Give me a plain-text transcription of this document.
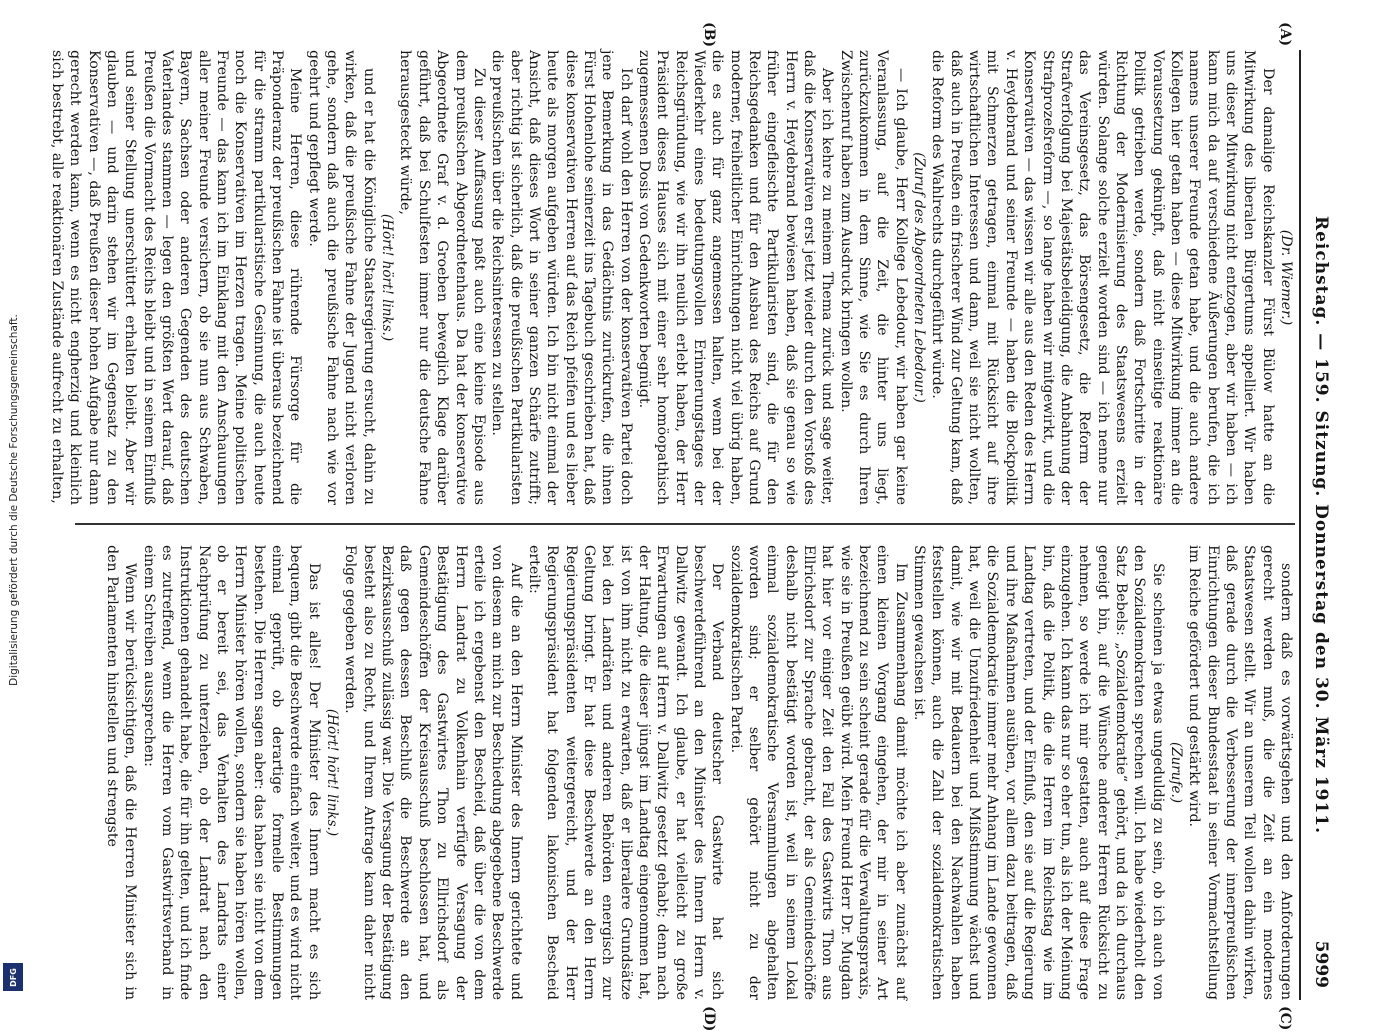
Digitalisierung gefördert durch die Deutsche Forschungsgemeinschaft.
DFG
Reichstag. — 159. Sitzung. Donnerstag den 30. März 1911.
5999
(A)
(B)
(C)
(D)

(Dr. Wiemer.)

Der damalige Reichskanzler Fürst Bülow hatte an die Mitwirkung des liberalen Bürgertums appelliert. Wir haben uns dieser Mitwirkung nicht entzogen, aber wir haben — ich kann mich da auf verschiedene Äußerungen berufen, die ich namens unserer Freunde getan habe, und die auch andere Kollegen hier getan haben — diese Mitwirkung immer an die Voraussetzung geknüpft, daß nicht einseitige reaktionäre Politik getrieben werde, sondern daß Fortschritte in der Richtung der Modernisierung des Staatswesens erzielt würden. Solange solche erzielt worden sind — ich nenne nur das Vereinsgesetz, das Börsengesetz, die Reform der Strafverfolgung bei Majestätsbeleidigung, die Anbahnung der Strafprozeßreform —, so lange haben wir mitgewirkt, und die Konservativen — das wissen wir alle aus den Reden des Herrn v. Heydebrand und seiner Freunde — haben die Blockpolitik mit Schmerzen getragen, einmal mit Rücksicht auf ihre wirtschaftlichen Interessen und dann, weil sie nicht wollten, daß auch in Preußen ein frischerer Wind zur Geltung kam, daß die Reform des Wahlrechts durchgeführt würde.

(Zuruf des Abgeordneten Lebedour.)

— Ich glaube, Herr Kollege Lebedour, wir haben gar keine Veranlassung, auf die Zeit, die hinter uns liegt, zurückzukommen in dem Sinne, wie Sie es durch Ihren Zwischenruf haben zum Ausdruck bringen wollen.

Aber ich kehre zu meinem Thema zurück und sage weiter, daß die Konservativen erst jetzt wieder durch den Vorstoß des Herrn v. Heydebrand bewiesen haben, daß sie genau so wie früher eingefleischte Partikularisten sind, die für den Reichsgedanken und für den Ausbau des Reichs auf Grund moderner, freiheitlicher Einrichtungen nicht viel übrig haben, die es auch für ganz angemessen halten, wenn bei der Wiederkehr eines bedeutungsvollen Erinnerungstages der Reichsgründung, wie wir ihn neulich erlebt haben, der Herr Präsident dieses Hauses sich mit einer sehr homöopathisch zugemessenen Dosis von Gedenkworten begnügt.

Ich darf wohl den Herren von der konservativen Partei doch jene Bemerkung in das Gedächtnis zurückrufen, die ihnen Fürst Hohenlohe seinerzeit ins Tagebuch geschrieben hat, daß diese konservativen Herren auf das Reich pfeifen und es lieber heute als morgen aufgeben würden. Ich bin nicht einmal der Ansicht, daß dieses Wort in seiner ganzen Schärfe zutrifft; aber richtig ist sicherlich, daß die preußischen Partikularisten die preußischen über die Reichsinteressen zu stellen.

Zu dieser Auffassung paßt auch eine kleine Episode aus dem preußischen Abgeordnetenhaus. Da hat der konservative Abgeordnete Graf v. d. Groeben beweglich Klage darüber geführt, daß bei Schulfesten immer nur die deutsche Fahne herausgesteckt würde,

(Hört! hört! links.)

und er hat die Königliche Staatsregierung ersucht, dahin zu wirken, daß die preußische Fahne der Jugend nicht verloren gehe, sondern daß auch die preußische Fahne nach wie vor geehrt und gepflegt werde.

Meine Herren, diese rührende Fürsorge für die Präponderanz der preußischen Fahne ist überaus bezeichnend für die stramm partikularistische Gesinnung, die auch heute noch die Konservativen im Herzen tragen. Meine politischen Freunde — das kann ich im Einklang mit den Anschauungen aller meiner Freunde versichern, ob sie nun aus Schwaben, Bayern, Sachsen oder anderen Gegenden des deutschen Vaterlandes stammen — legen den größten Wert darauf, daß Preußen die Vormacht des Reichs bleibt und in seinem Einfluß und seiner Stellung unerschüttert erhalten bleibt. Aber wir glauben — und darin stehen wir im Gegensatz zu den Konservativen —, daß Preußen dieser hohen Aufgabe nur dann gerecht werden kann, wenn es nicht engherzig und kleinlich sich bestrebt, alle reaktionären Zustände aufrecht zu erhalten,

sondern daß es vorwärtsgehen und den Anforderungen gerecht werden muß, die die Zeit an ein modernes Staatswesen stellt. Wir an unserem Teil wollen dahin wirken, daß gerade durch die Verbesserung der innerpreußischen Einrichtungen dieser Bundesstaat in seiner Vormachtstellung im Reiche gefördert und gestärkt wird.

(Zurufe.)

Sie scheinen ja etwas ungeduldig zu sein, ob ich auch von den Sozialdemokraten sprechen will. Ich habe wiederholt den Satz Bebels: „Sozialdemokratie“ gehört, und da ich durchaus geneigt bin, auf die Wünsche anderer Herren Rücksicht zu nehmen, so werde ich mir gestatten, auch auf diese Frage einzugehen. Ich kann das nur so eher tun, als ich der Meinung bin, daß die Politik, die die Herren im Reichstag wie im Landtag vertreten, und der Einfluß, den sie auf die Regierung und ihre Maßnahmen ausüben, vor allem dazu beitragen, daß die Sozialdemokratie immer mehr Anhang im Lande gewonnen hat, weil die Unzufriedenheit und Mißstimmung wächst und damit, wie wir mit Bedauern bei den Nachwahlen haben feststellen können, auch die Zahl der sozialdemokratischen Stimmen gewachsen ist.

Im Zusammenhang damit möchte ich aber zunächst auf einen kleinen Vorgang eingehen, der mir in seiner Art bezeichnend zu sein scheint gerade für die Verwaltungspraxis, wie sie in Preußen geübt wird. Mein Freund Herr Dr. Mugdan hat hier vor einiger Zeit den Fall des Gastwirts Thon aus Ellrichsdorf zur Sprache gebracht, der als Gemeindeschöffe deshalb nicht bestätigt worden ist, weil in seinem Lokal einmal sozialdemokratische Versammlungen abgehalten worden sind; er selber gehört nicht zu der sozialdemokratischen Partei.

Der Verband deutscher Gastwirte hat sich beschwerdeführend an den Minister des Innern Herrn v. Dallwitz gewandt. Ich glaube, er hat vielleicht zu große Erwartungen auf Herrn v. Dallwitz gesetzt gehabt; denn nach der Haltung, die dieser jüngst im Landtag eingenommen hat, ist von ihm nicht zu erwarten, daß er liberalere Grundsätze bei den Landräten und anderen Behörden energisch zur Geltung bringt. Er hat diese Beschwerde an den Herrn Regierungspräsidenten weitergereicht, und der Herr Regierungspräsident hat folgenden lakonischen Bescheid erteilt:

Auf die an den Herrn Minister des Innern gerichtete und von diesem an mich zur Beschiedung abgegebene Beschwerde erteile ich ergebenst den Bescheid, daß über die von dem Herrn Landrat zu Volkenhain verfügte Versagung der Bestätigung des Gastwirtes Thon zu Ellrichsdorf als Gemeindeschöffen der Kreisausschuß beschlossen hat, und daß gegen dessen Beschluß die Beschwerde an den Bezirksausschuß zulässig war. Die Versagung der Bestätigung besteht also zu Recht, und Ihrem Antrage kann daher nicht Folge gegeben werden.

(Hört! hört! links.)

Das ist alles! Der Minister des Innern macht es sich bequem, gibt die Beschwerde einfach weiter, und es wird nicht einmal geprüft, ob derartige formelle Bestimmungen bestehen. Die Herren sagen aber: das haben sie nicht von dem Herrn Minister hören wollen, sondern sie haben hören wollen, ob er bereit sei, das Verhalten des Landrats einer Nachprüfung zu unterziehen, ob der Landrat nach den Instruktionen gehandelt habe, die für ihn gelten, und ich finde es zutreffend, wenn die Herren vom Gastwirtsverband in einem Schreiben aussprechen:

Wenn wir berücksichtigen, daß die Herren Minister sich in den Parlamenten hinstellen und strengste
